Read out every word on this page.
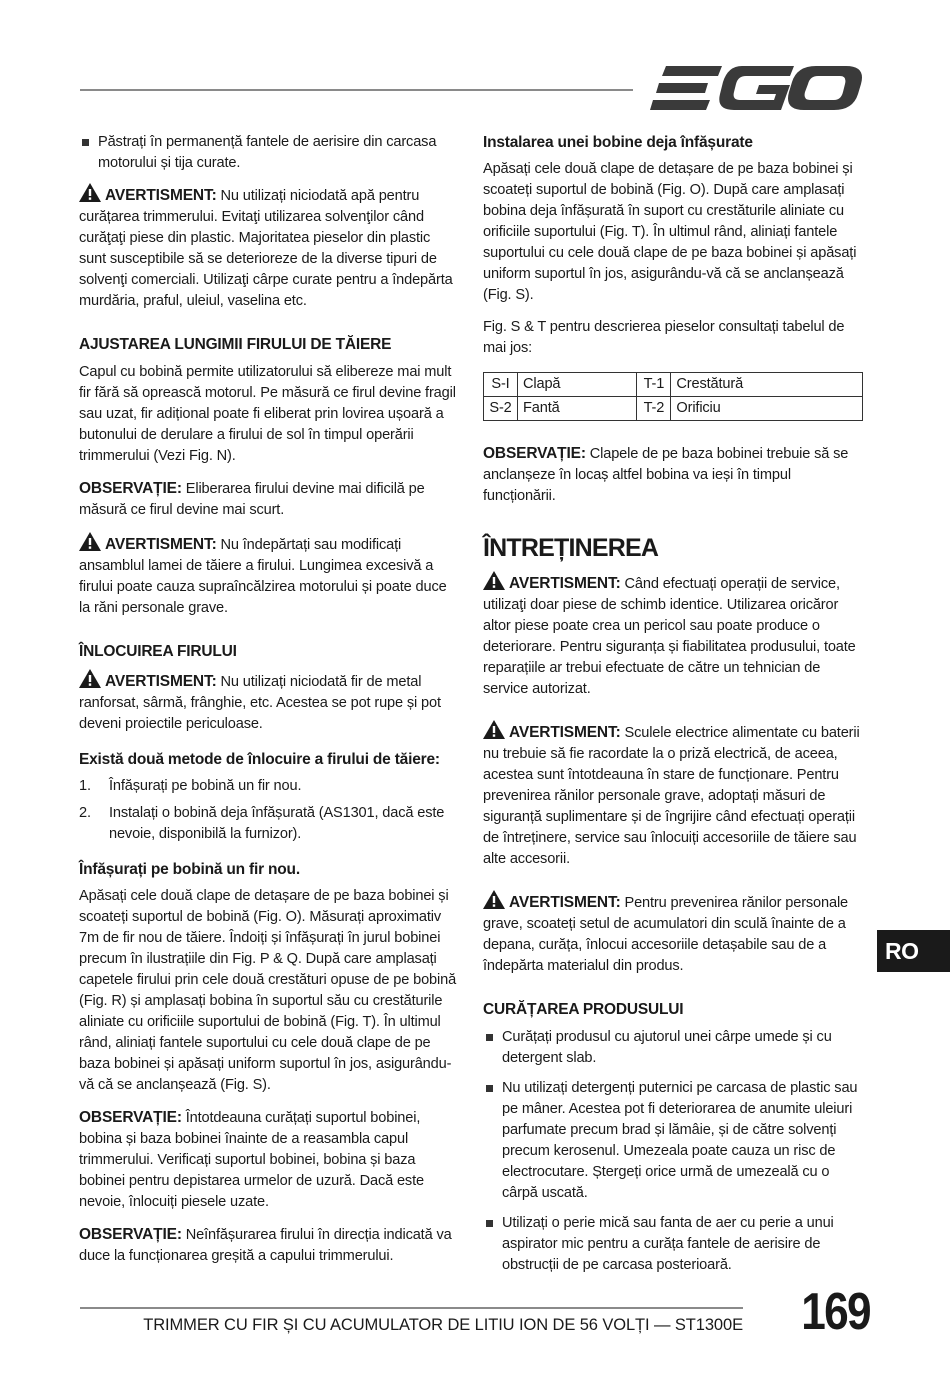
Păstrați în permanență fantele de aerisire din carcasa motorului și tija curate.

AVERTISMENT: Nu utilizați niciodată apă pentru curățarea trimmerului. Evitaţi utilizarea solvenţilor când curăţaţi piese din plastic. Majoritatea pieselor din plastic sunt susceptibile să se deterioreze de la diverse tipuri de solvenţi comerciali. Utilizaţi cârpe curate pentru a îndepărta murdăria, praful, uleiul, vaselina etc.

AJUSTAREA LUNGIMII FIRULUI DE TĂIERE

Capul cu bobină permite utilizatorului să elibereze mai mult fir fără să oprească motorul. Pe măsură ce firul devine fragil sau uzat, fir adițional poate fi eliberat prin lovirea ușoară a butonului de derulare a firului de sol în timpul operării trimmerului (Vezi Fig. N).

OBSERVAȚIE: Eliberarea firului devine mai dificilă pe măsură ce firul devine mai scurt.

AVERTISMENT: Nu îndepărtați sau modificați ansamblul lamei de tăiere a firului. Lungimea excesivă a firului poate cauza supraîncălzirea motorului și poate duce la răni personale grave.

ÎNLOCUIREA FIRULUI

AVERTISMENT: Nu utilizați niciodată fir de metal ranforsat, sârmă, frânghie, etc. Acestea se pot rupe și pot deveni proiectile periculoase.

Există două metode de înlocuire a firului de tăiere:
1. Înfășurați pe bobină un fir nou.
2. Instalați o bobină deja înfășurată (AS1301, dacă este nevoie, disponibilă la furnizor).
Înfășurați pe bobină un fir nou.

Apăsați cele două clape de detașare de pe baza bobinei și scoateți suportul de bobină (Fig. O). Măsurați aproximativ 7m de fir nou de tăiere. Îndoiți și înfășurați în jurul bobinei precum în ilustrațiile din Fig. P & Q. După care amplasați capetele firului prin cele două crestături opuse de pe bobină (Fig. R) și amplasați bobina în suportul său cu crestăturile aliniate cu orificiile suportului de bobină (Fig. T). În ultimul rând, aliniați fantele suportului cu cele două clape de pe baza bobinei și apăsați uniform suportul în jos, asigurându-vă că se anclanșează (Fig. S).

OBSERVAȚIE: Întotdeauna curățați suportul bobinei, bobina și baza bobinei înainte de a reasambla capul trimmerului. Verificați suportul bobinei, bobina și baza bobinei pentru depistarea urmelor de uzură. Dacă este nevoie, înlocuiți piesele uzate.

OBSERVAȚIE: Neînfășurarea firului în direcția indicată va duce la funcționarea greșită a capului trimmerului.

Instalarea unei bobine deja înfășurate

Apăsați cele două clape de detașare de pe baza bobinei și scoateți suportul de bobină (Fig. O). După care amplasați bobina deja înfășurată în suport cu crestăturile aliniate cu orificiile suportului (Fig. T). În ultimul rând, aliniați fantele suportului cu cele două clape de pe baza bobinei și apăsați uniform suportul în jos, asigurându-vă că se anclanșează (Fig. S).

Fig. S & T pentru descrierea pieselor consultați tabelul de mai jos:

S-I	Clapă	T-1	Crestătură
S-2	Fantă	T-2	Orificiu

OBSERVAȚIE: Clapele de pe baza bobinei trebuie să se anclanșeze în locaș altfel bobina va ieși în timpul funcționării.

ÎNTREȚINEREA

AVERTISMENT: Când efectuați operații de service, utilizaţi doar piese de schimb identice. Utilizarea oricăror altor piese poate crea un pericol sau poate produce o deteriorare. Pentru siguranța și fiabilitatea produsului, toate reparațiile ar trebui efectuate de către un tehnician de service autorizat.

AVERTISMENT: Sculele electrice alimentate cu baterii nu trebuie să fie racordate la o priză electrică, de aceea, acestea sunt întotdeauna în stare de funcționare. Pentru prevenirea rănilor personale grave, adoptați măsuri de siguranță suplimentare și de îngrijire când efectuați operații de întreținere, service sau înlocuiți accesoriile de tăiere sau alte accesorii.

AVERTISMENT: Pentru prevenirea rănilor personale grave, scoateți setul de acumulatori din sculă înainte de a depana, curăța, înlocui accesoriile detașabile sau de a îndepărta materialul din produs.

CURĂȚAREA PRODUSULUI
Curățați produsul cu ajutorul unei cârpe umede și cu detergent slab.
Nu utilizați detergenți puternici pe carcasa de plastic sau pe mâner. Acestea pot fi deteriorarea de anumite uleiuri parfumate precum brad și lămâie, și de către solvenți precum kerosenul. Umezeala poate cauza un risc de electrocutare. Ștergeți orice urmă de umezeală cu o cârpă uscată.
Utilizați o perie mică sau fanta de aer cu perie a unui aspirator mic pentru a curăța fantele de aerisire de obstrucții de pe carcasa posterioară.
RO
TRIMMER CU FIR ȘI CU ACUMULATOR DE LITIU ION DE 56 VOLȚI — ST1300E 169
